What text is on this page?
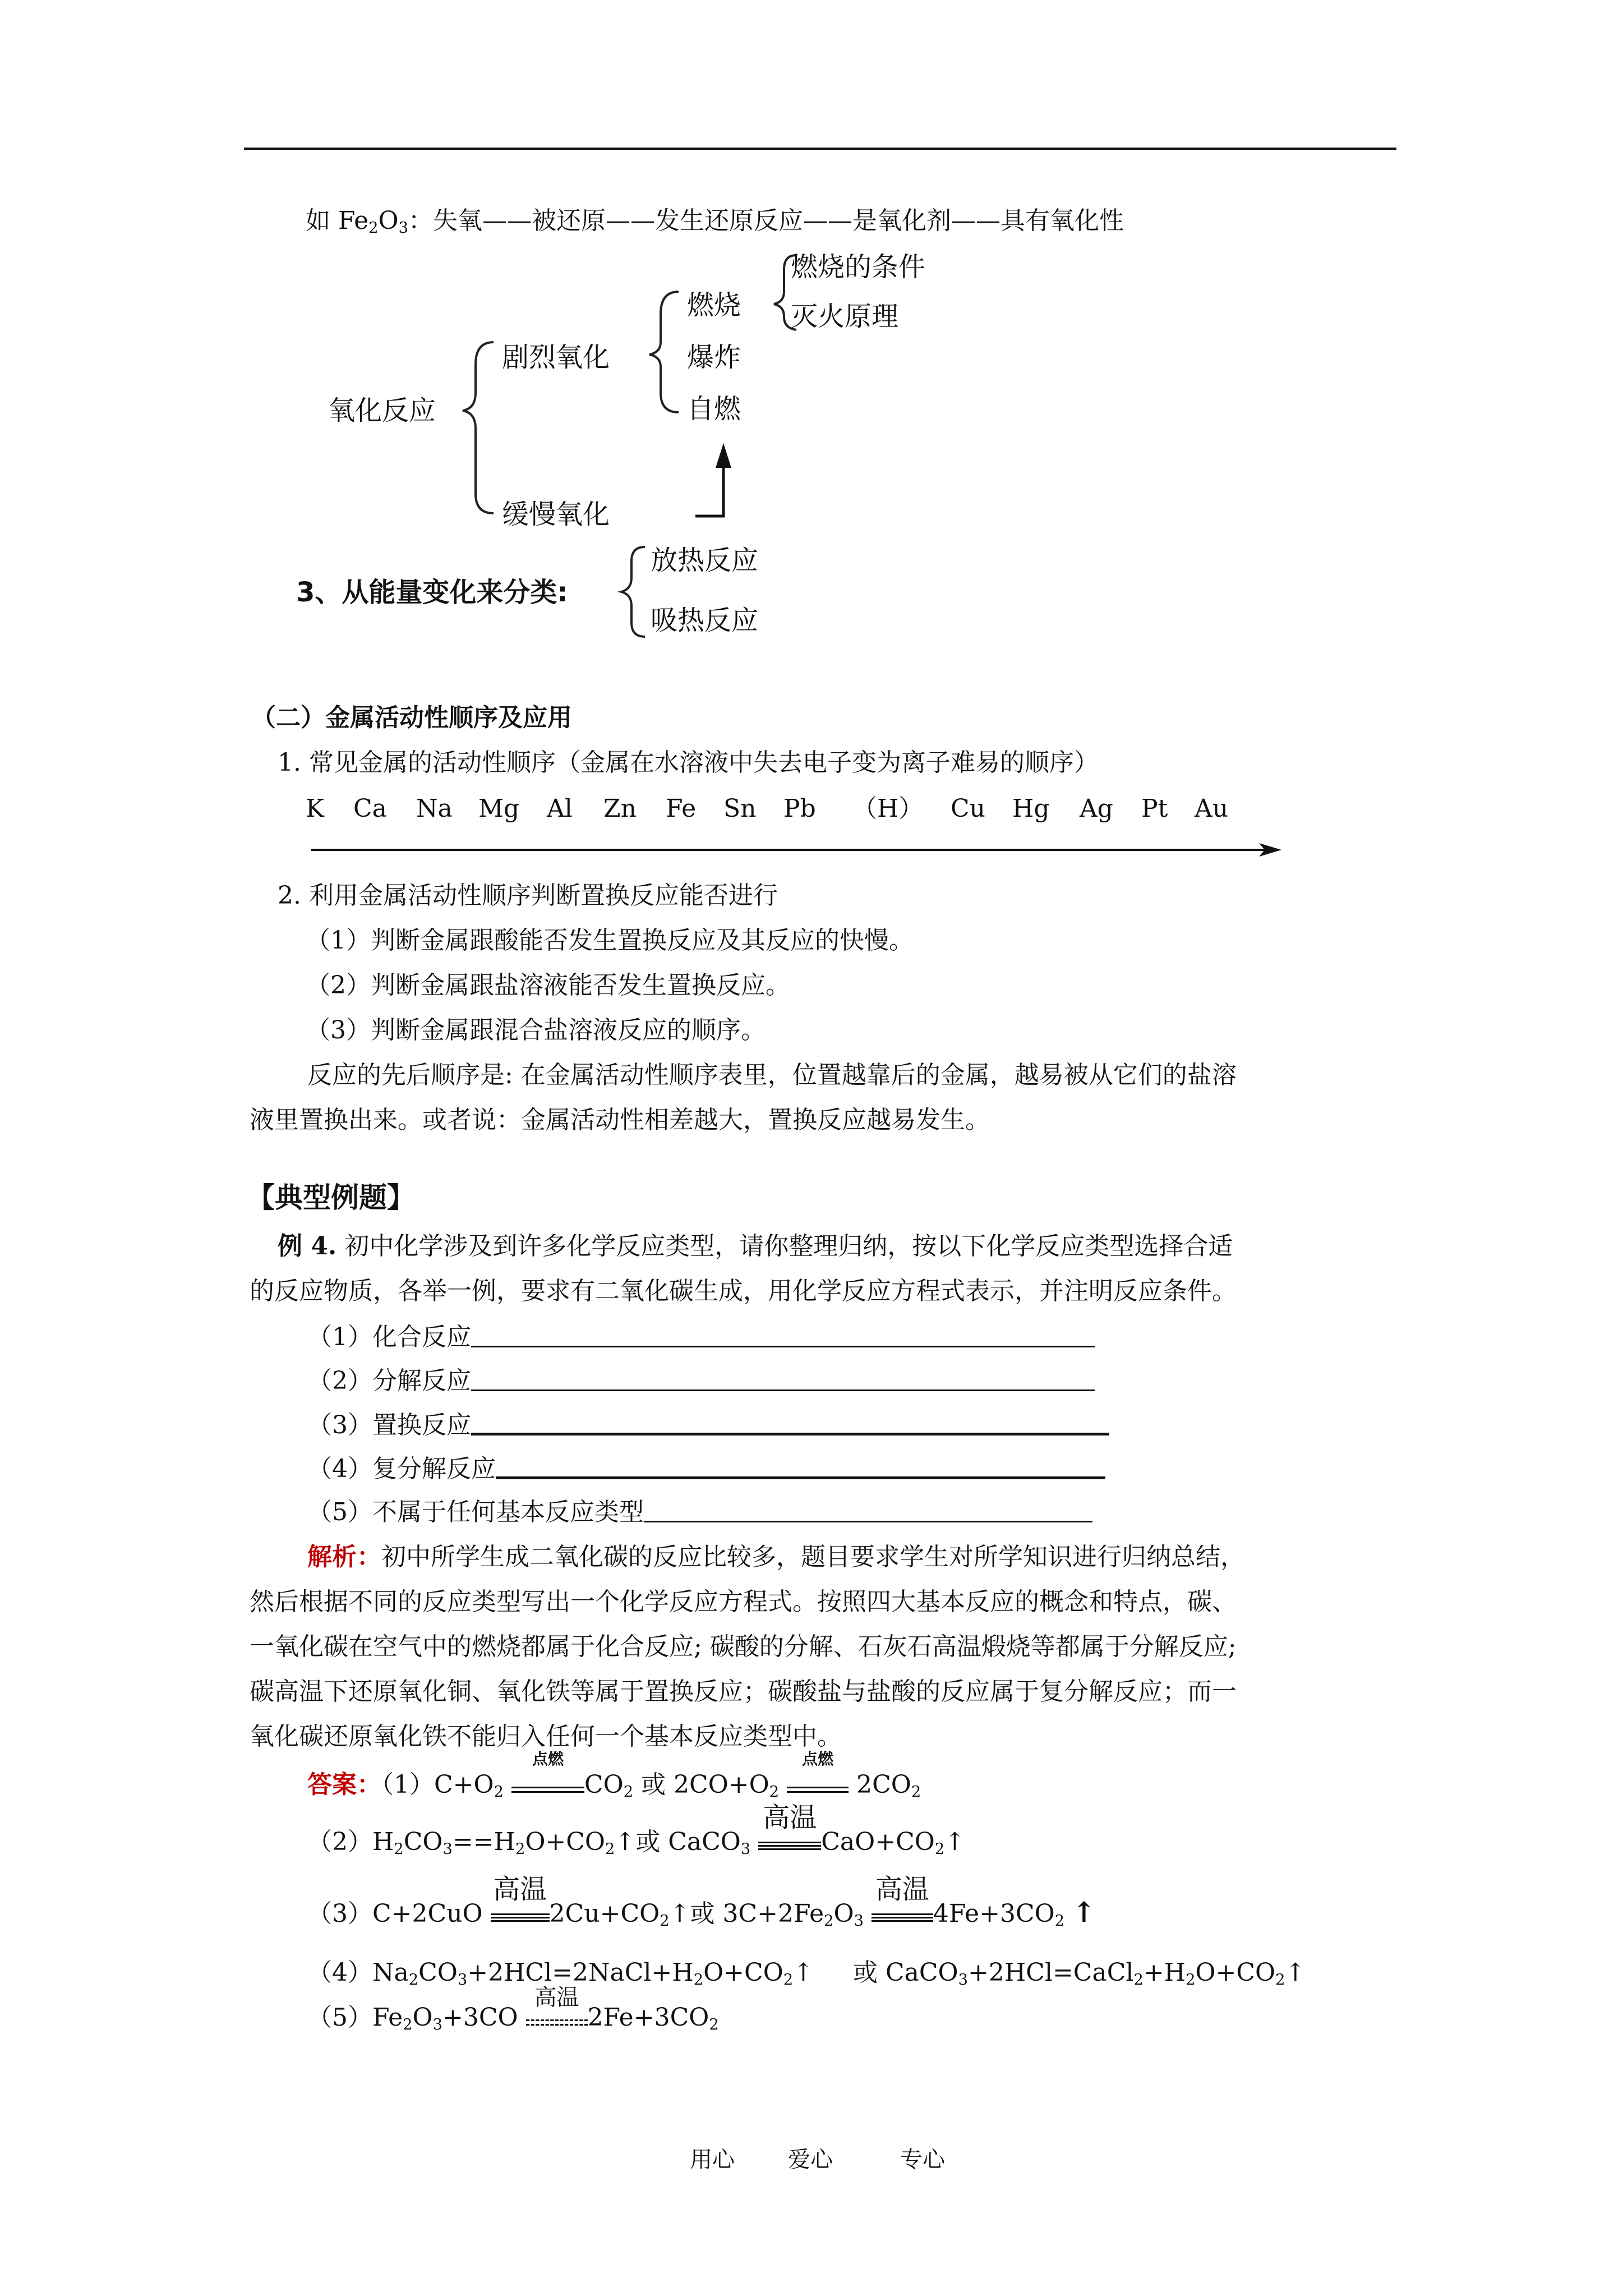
如 $Fe_2O_3$：失氧——被还原——发生还原反应——是氧化剂——具有氧化性
氧化反应
剧烈氧化
缓慢氧化
燃烧
爆炸
自燃
燃烧的条件
灭火原理
3、从能量变化来分类:
放热反应
吸热反应
（二）金属活动性顺序及应用
1. 常见金属的活动性顺序（金属在水溶液中失去电子变为离子难易的顺序）
K Ca Na Mg Al Zn Fe Sn Pb （H） Cu Hg Ag Pt Au
2. 利用金属活动性顺序判断置换反应能否进行
（1）判断金属跟酸能否发生置换反应及其反应的快慢。
（2）判断金属跟盐溶液能否发生置换反应。
（3）判断金属跟混合盐溶液反应的顺序。
反应的先后顺序是: 在金属活动性顺序表里，位置越靠后的金属，越易被从它们的盐溶
液里置换出来。或者说：金属活动性相差越大，置换反应越易发生。
【典型例题】
例 4. 初中化学涉及到许多化学反应类型，请你整理归纳，按以下化学反应类型选择合适
的反应物质，各举一例，要求有二氧化碳生成，用化学反应方程式表示，并注明反应条件。
（1）化合反应
（2）分解反应
（3）置换反应
（4）复分解反应
（5）不属于任何基本反应类型
解析：初中所学生成二氧化碳的反应比较多，题目要求学生对所学知识进行归纳总结，
然后根据不同的反应类型写出一个化学反应方程式。按照四大基本反应的概念和特点，碳、
一氧化碳在空气中的燃烧都属于化合反应; 碳酸的分解、石灰石高温煅烧等都属于分解反应;
碳高温下还原氧化铜、氧化铁等属于置换反应；碳酸盐与盐酸的反应属于复分解反应；而一
氧化碳还原氧化铁不能归入任何一个基本反应类型中。
答案：$(1)C+O_2$
点燃
$CO_2$ 或 $2CO+O_2$
点燃
$2CO_2$
$(2)H_2CO_3==H_2O+CO_2↑$或 CaCO$_3$
高温
$CaO+CO_2↑$
（3）C+2CuO
高温
$2Cu+CO_2↑$或 $3C+2Fe_2O_3$
高温
$4Fe+3CO_2$ ↑
$(4)Na_2CO_3+2HCl=2NaCl+H_2O+CO_2↑$     或 $CaCO_3+2HCl=CaCl_2+H_2O+CO_2↑$
$(5)Fe_2O_3+3CO$
高温
$2Fe+3CO_2$
用心 爱心	专心
